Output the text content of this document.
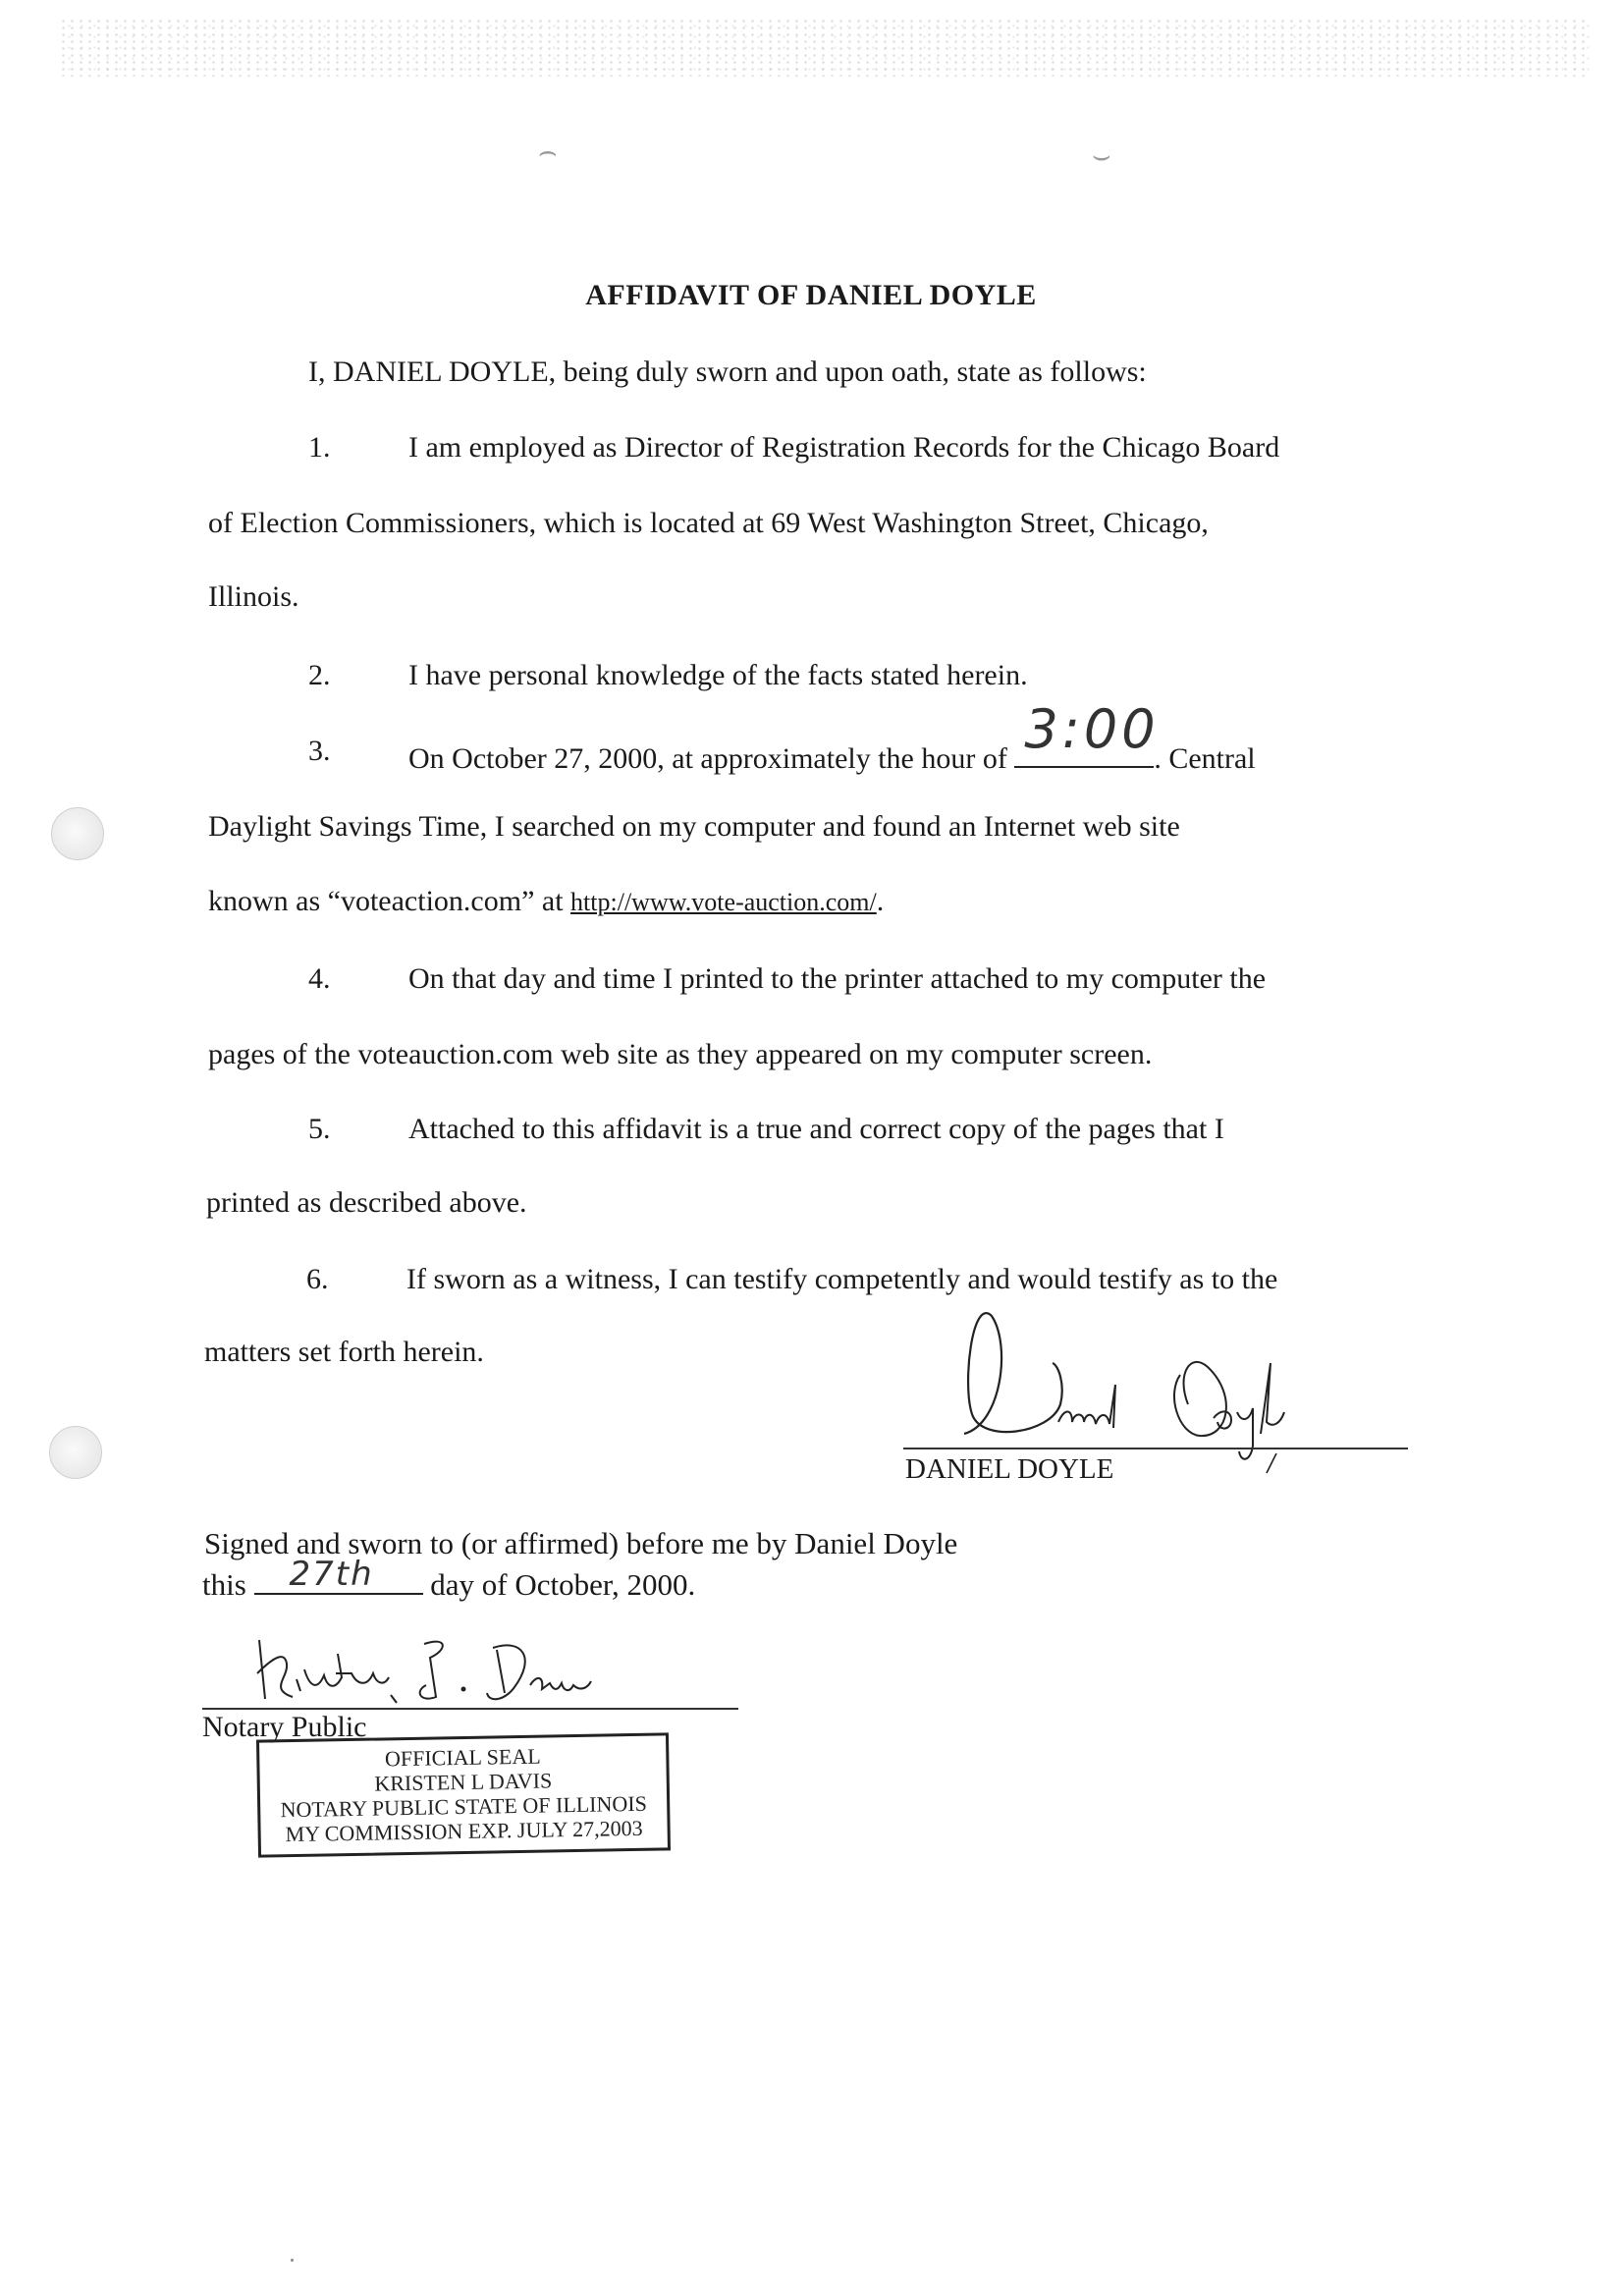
⌢	⌣
AFFIDAVIT OF DANIEL DOYLE
I, DANIEL DOYLE, being duly sworn and upon oath, state as follows:
1.	I am employed as Director of Registration Records for the Chicago Board
of Election Commissioners, which is located at 69 West Washington Street, Chicago,
Illinois.
2.	I have personal knowledge of the facts stated herein.
3.	On October 27, 2000, at approximately the hour of 3:00
. Central
Daylight Savings Time, I searched on my computer and found an Internet web site
known as “voteaction.com” at http://www.vote-auction.com/.
4.	On that day and time I printed to the printer attached to my computer the
pages of the voteauction.com web site as they appeared on my computer screen.
5.	Attached to this affidavit is a true and correct copy of the pages that I
printed as described above.
6.	If sworn as a witness, I can testify competently and would testify as to the
matters set forth herein.
DANIEL DOYLE
Signed and sworn to (or affirmed) before me by Daniel Doyle
this 27th day of October, 2000.
Notary Public
OFFICIAL SEAL
KRISTEN L DAVIS
NOTARY PUBLIC STATE OF ILLINOIS
MY COMMISSION EXP. JULY 27,2003
